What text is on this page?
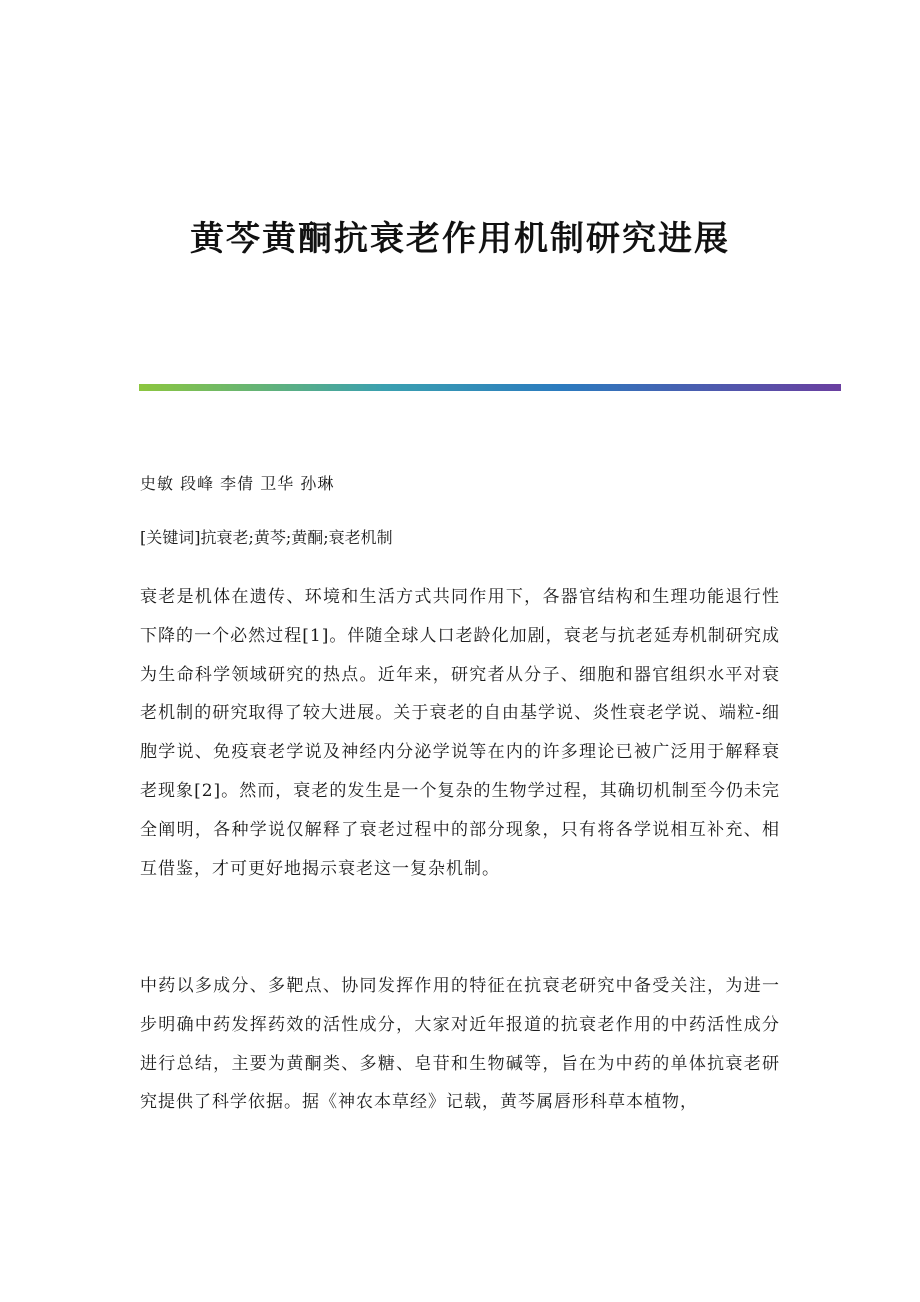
黄芩黄酮抗衰老作用机制研究进展

史敏 段峰 李倩 卫华 孙琳

[关键词]抗衰老;黄芩;黄酮;衰老机制

衰老是机体在遗传、环境和生活方式共同作用下，各器官结构和生理功能退行性下降的一个必然过程[1]。伴随全球人口老龄化加剧，衰老与抗老延寿机制研究成为生命科学领域研究的热点。近年来，研究者从分子、细胞和器官组织水平对衰老机制的研究取得了较大进展。关于衰老的自由基学说、炎性衰老学说、端粒-细胞学说、免疫衰老学说及神经内分泌学说等在内的许多理论已被广泛用于解释衰老现象[2]。然而，衰老的发生是一个复杂的生物学过程，其确切机制至今仍未完全阐明，各种学说仅解释了衰老过程中的部分现象，只有将各学说相互补充、相互借鉴，才可更好地揭示衰老这一复杂机制。

中药以多成分、多靶点、协同发挥作用的特征在抗衰老研究中备受关注，为进一步明确中药发挥药效的活性成分，大家对近年报道的抗衰老作用的中药活性成分进行总结，主要为黄酮类、多糖、皂苷和生物碱等，旨在为中药的单体抗衰老研究提供了科学依据。据《神农本草经》记载，黄芩属唇形科草本植物，
